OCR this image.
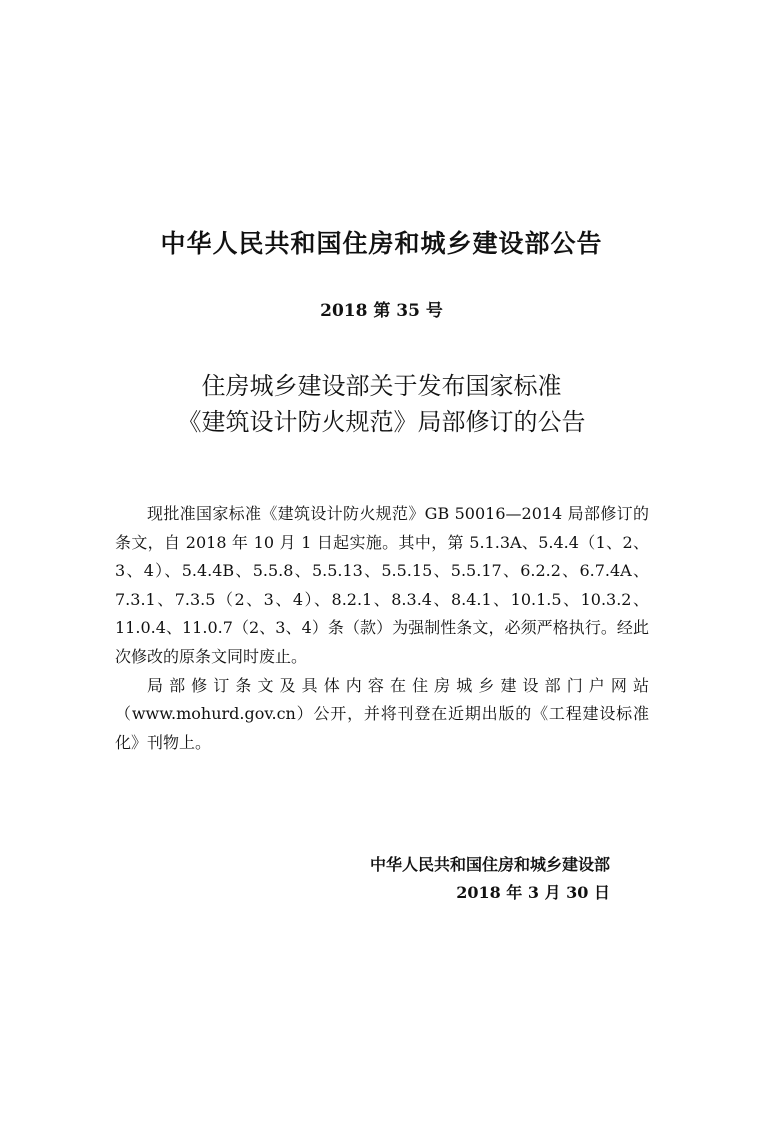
中华人民共和国住房和城乡建设部公告
2018 第 35 号
住房城乡建设部关于发布国家标准
《建筑设计防火规范》局部修订的公告

现批准国家标准《建筑设计防火规范》GB 50016—2014 局部修订的条文，自 2018 年 10 月 1 日起实施。其中，第 5.1.3A、5.4.4（1、2、3、4）、5.4.4B、5.5.8、5.5.13、5.5.15、5.5.17、6.2.2、6.7.4A、7.3.1、7.3.5（2、3、4）、8.2.1、8.3.4、8.4.1、10.1.5、10.3.2、11.0.4、11.0.7（2、3、4）条（款）为强制性条文，必须严格执行。经此次修改的原条文同时废止。

局部修订条文及具体内容在住房城乡建设部门户网站（www.mohurd.gov.cn）公开，并将刊登在近期出版的《工程建设标准化》刊物上。

中华人民共和国住房和城乡建设部
2018 年 3 月 30 日
